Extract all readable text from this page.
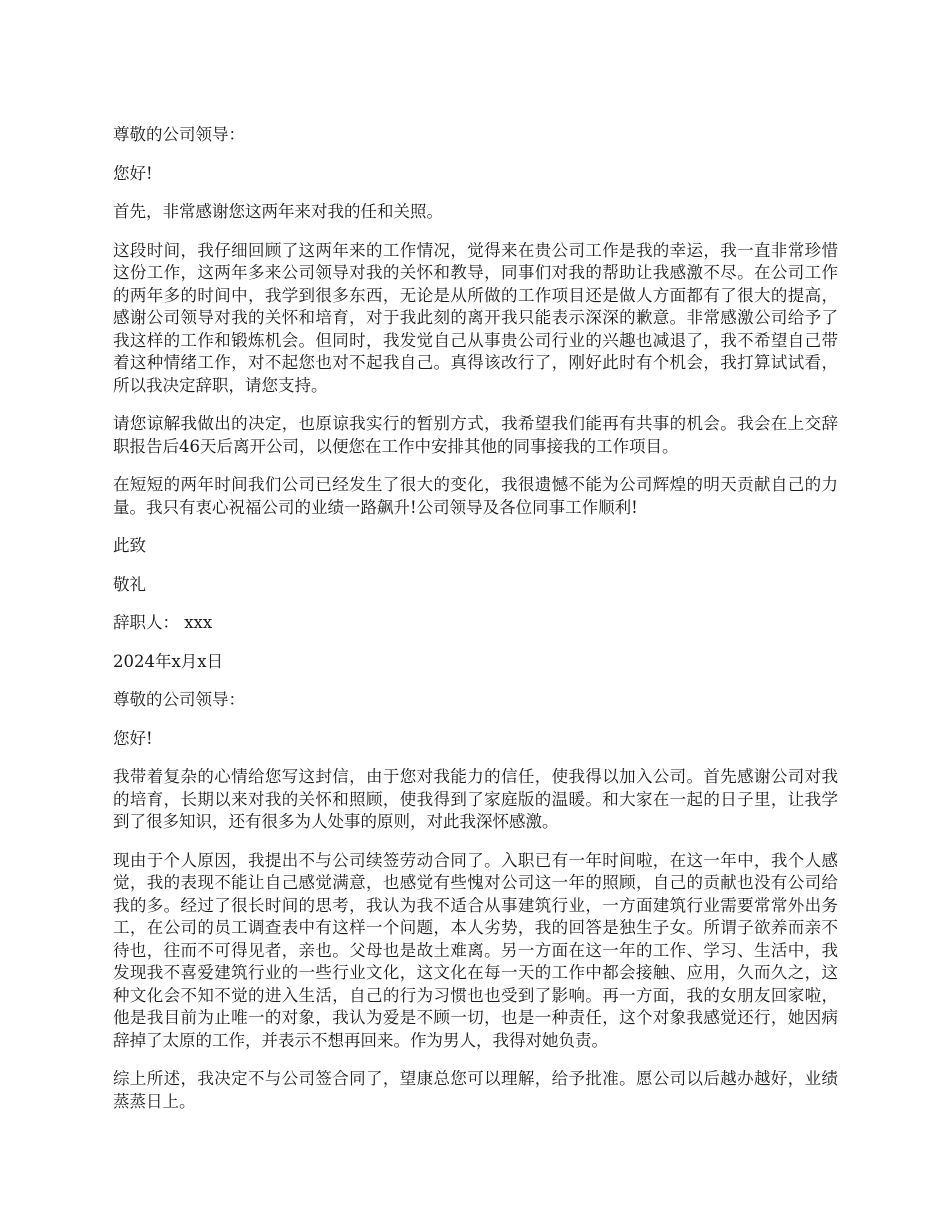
尊敬的公司领导：

您好!

首先，非常感谢您这两年来对我的任和关照。

这段时间，我仔细回顾了这两年来的工作情况，觉得来在贵公司工作是我的幸运，我一直非常珍惜这份工作，这两年多来公司领导对我的关怀和教导，同事们对我的帮助让我感激不尽。在公司工作的两年多的时间中，我学到很多东西，无论是从所做的工作项目还是做人方面都有了很大的提高，感谢公司领导对我的关怀和培育，对于我此刻的离开我只能表示深深的歉意。非常感激公司给予了我这样的工作和锻炼机会。但同时，我发觉自己从事贵公司行业的兴趣也减退了，我不希望自己带着这种情绪工作，对不起您也对不起我自己。真得该改行了，刚好此时有个机会，我打算试试看，所以我决定辞职，请您支持。

请您谅解我做出的决定，也原谅我实行的暂别方式，我希望我们能再有共事的机会。我会在上交辞职报告后46天后离开公司，以便您在工作中安排其他的同事接我的工作项目。

在短短的两年时间我们公司已经发生了很大的变化，我很遗憾不能为公司辉煌的明天贡献自己的力量。我只有衷心祝福公司的业绩一路飙升!公司领导及各位同事工作顺利!

此致

敬礼

辞职人： xxx

2024年x月x日

尊敬的公司领导：

您好!

我带着复杂的心情给您写这封信，由于您对我能力的信任，使我得以加入公司。首先感谢公司对我的培育，长期以来对我的关怀和照顾，使我得到了家庭版的温暖。和大家在一起的日子里，让我学到了很多知识，还有很多为人处事的原则，对此我深怀感激。

现由于个人原因，我提出不与公司续签劳动合同了。入职已有一年时间啦，在这一年中，我个人感觉，我的表现不能让自己感觉满意，也感觉有些愧对公司这一年的照顾，自己的贡献也没有公司给我的多。经过了很长时间的思考，我认为我不适合从事建筑行业，一方面建筑行业需要常常外出务工，在公司的员工调查表中有这样一个问题，本人劣势，我的回答是独生子女。所谓子欲养而亲不待也，往而不可得见者，亲也。父母也是故土难离。另一方面在这一年的工作、学习、生活中，我发现我不喜爱建筑行业的一些行业文化，这文化在每一天的工作中都会接触、应用，久而久之，这种文化会不知不觉的进入生活，自己的行为习惯也也受到了影响。再一方面，我的女朋友回家啦，他是我目前为止唯一的对象，我认为爱是不顾一切，也是一种责任，这个对象我感觉还行，她因病辞掉了太原的工作，并表示不想再回来。作为男人，我得对她负责。

综上所述，我决定不与公司签合同了，望康总您可以理解，给予批准。愿公司以后越办越好，业绩蒸蒸日上。
